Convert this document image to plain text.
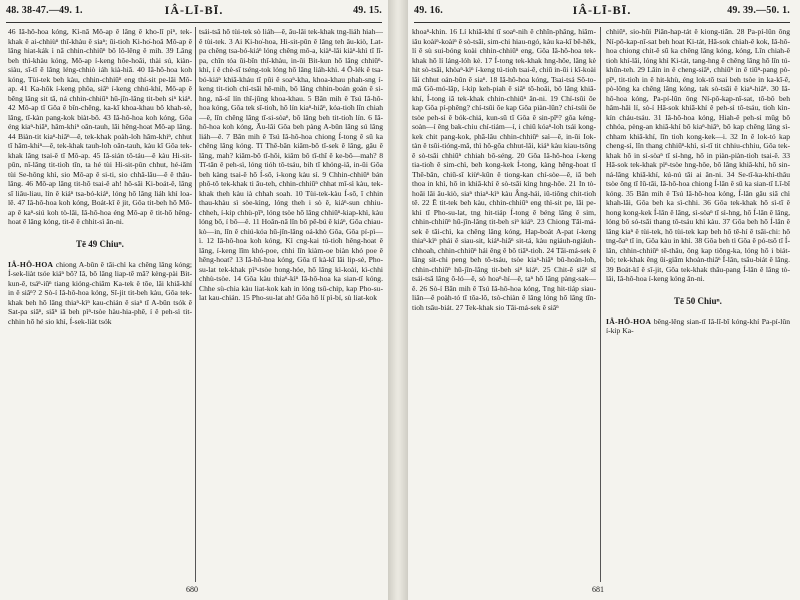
48. 38-47.—49. 1.	IÂ-LĪ-BĪ.	49. 15.

46 Iâ-hô-hoa kóng, Kì-nā Mô-ap ê lâng ê kho-lî pìⁿ, tek-khak ē ai-chhiùⁿ thî-khàu ê siaⁿ; ūi-tio̍h Ki-ho̍-hoâ Mô-ap ê lâng hiat-kák ì nā chhin-chhiūⁿ bô lô-lêng ê mih. 39 Lâng beh thì-khàu kóng, Mô-ap í-keng hôe-hoâi, thài sú, kiàn-siàu, sî-tī ē lâng léng-chhiò iáh kià-hiā. 40 Iâ-hô-hoa koh kóng, Tùi-tek beh kàu, chhin-chhiūⁿ eng thí-sit pe-lâi Mô-ap. 41 Ka-hôk í-keng phôa, siâⁿ í-keng chhú-khì, Mô-ap ê bêng lâng sit tā, ná chhin-chhiūⁿ hū-jîn-lâng tit-beh siⁿ kiáⁿ. 42 Mô-ap tī Gôa ê bîn-chêng, ka-kī khoa-khau bô khah-sè, lâng, tī-kàn pang-kok biàt-bô. 43 Iâ-hô-hoa koh kóng, Gôa éng kiaⁿ-hiâⁿ, hâm-khiⁿ oân-tauh, lâi hêng-hoat Mô-ap lâng. 44 Biàn-tit kiaⁿ-hiâⁿ—ê, tek-khak poàh-lo̍h hâm-khiⁿ, chhut tī hâm-khiⁿ—ê, tek-khak tauh-lo̍h oân-tauh, kàu kî Gôa tek-khak lâng tsai-ê tī Mô-ap. 45 Iâ-sián tô-táu—ê kàu Hi-sit-pûn, nî-lâng tit-tio̍h tîn, ta hé tùi Hi-sit-pûn chhut, hé-iām tùi Se-hông khì, sio Mô-ap ê si-ti, sio chhâ-lâu—ê ê thâu-lâng. 46 Mô-ap lâng tit-hō tsai-ê ah! hô-sâi Ki-boát-ê, lâng sī liâu-liau, lín ê kiáⁿ tsa-bó-kiáⁿ, lóng hō lâng liáh khì loa-lē. 47 Iâ-hô-hoa koh kóng, Boát-kî ê jit, Gôa tit-beh hō Mô-ap ê kaⁿ-siú koh tò-lâi, Iâ-hô-hoa éng Mô-ap ê tit-hō hêng-hoat ê lâng kóng, tit-ê ê chhit-sì ân-ni.

Tē 49 Chiuⁿ.

IÂ-HÔ-HOA chiong A-bûn ê tāi-chì ka chêng lâng kóng; Í-sek-liàt tsóe kiáⁿ bô? Iâ, bô lâng liap-tē mā? kèng-pài Bit-kun-ê, tsáⁿ-iūⁿ tiang kióng-chiâm Ka-tek ê tōe, lâi khiā-khí in ê siâⁿ? 2 Sò-í Iâ-hô-hoa kóng, Sî-jit tit-beh kàu, Gôa tek-khak beh hō lâng thiaⁿ-kìⁿ kau-chián ê siaⁿ tī A-bûn tsók ê Sat-pa siâⁿ, siâⁿ iā beh pìⁿ-tsòe hàu-hia-phê, í ê peh-sì tit-chhin hō hé sio khì, Í-sek-liàt tsók

tsái-tsā hō tùi-tek sò liáh—ê, âu-lâi tek-khak tng-liáh hiah—ê tùi-tek. 3 Ai Ki-ho̍-hoa, Hi-sit-pûn ê lâng teh âu-kiò, Lat-pa chêng tsa-bó-kiáⁿ lóng chêng mô-a, kiàⁿ-lâi kiàⁿ-khì tī lî-pa, chîn tóa ūi-bīn thî-khàu, in-ūi Bit-kun hō lâng chhiūⁿ-khì, í ê chè-sī tséng-tok lóng hō lâng liáh-khì. 4 Ō-lék ê tsa-bó-kiáⁿ khiā-kháu tī pûi ê soaⁿ-kha, khoa-khau phah-sng í-keng tit-tio̍h chì-tsāi hê-mih, bô lâng chhin-boán goán ê si-hng, nā-sī lín thî-jūng khoa-khau. 5 Bān mih ê Tsú Iâ-hô-hoa kóng, Gôa tek sī-tio̍h, hō lín kiaⁿ-hiâⁿ, kóa-tio̍h lîn chiah—ê, lîn chêng lâng tī-si-sòaⁿ, bô lâng beh tit-tio̍h lín. 6 Iâ-hô-hoa koh kóng, Āu-lâi Gôa beh pàng A-bûn lâng sú lâng liáh—ê. 7 Bān mih ê Tsú Iâ-hô-hoa chiong Í-tong ê sū ka chêng lâng kóng. Tî Thê-bân kiâm-bô tî-sek ê lâng, gâu ê lâng, mah? kiâm-bô tī-hōi, kiâm bô tī-thî ê ke-bô—mah? 8 Tī-tân ê peh-sì, lóng tióh tô-tsáu, bih tī khóng-iâ, in-ūi Gôa beh kàng tsai-ê hō Í-sō, í-kong kàu sì. 9 Chhin-chhiūⁿ bán phô-tô tek-khak ti āu-teh, chhin-chhiūⁿ chhat mî-sì kàu, tek-khak theh kàu ià chhah soah. 10 Tùi-tek-kàu Í-sō, ī chhin thau-khàu sì sòe-kìng, lóng theh i sò ê, kiáⁿ-sun chhiu-chheh, í-kip chhù-pīⁿ, lóng tsòe hō lâng chhiūⁿ-kiap-khì, kàu lóng bô, í bô—ê. 11 Hoân-nā lîn bô pē-bú ê kiáⁿ, Gôa chiau-kò—in, lîn ê chiú-kóa hū-jîn-lâng oá-khò Gôa, Gôa pí-pì—ì. 12 Iâ-hô-hoa koh kóng, Kì cng-kai tú-tio̍h hêng-hoat ê lâng, í-keng lîm khó-poe, chhi lîn kiàm-oe biàn khó poe ê hêng-hoat? 13 Iâ-hô-hoa kóng, Gôa tī kà-kī lâi lip-sè, Pho-su-lat tek-khak pìⁿ-tsòe hong-hóe, hō lâng kì-koài, kì-chhi chhù-tsòe. 14 Gôa kàu thiaⁿ-kìⁿ Iâ-hô-hoa ka sian-tī kóng. Chhe sù-chia kàu liat-kok kah in lóng tsû-chip, kap Pho-su-lat kau-chián. 15 Pho-su-lat ah! Gôa hō lí pì-bí, sù liat-kok

680
49. 16.	IÂ-LĪ-BĪ.	49. 39.—50. 1.

khoaⁿ-khin. 16 Lí khiā-khí tī soaⁿ-nih ê chhîn-phâng, hiâm-iâu koàiⁿ-koàiⁿ ê sò-tsāi, sim-chi hiau-ngó, kàu ka-kī bē-hēk, lí ē sù sui-bóng koài chhin-chhiūⁿ eng, Gôa Iâ-hô-hoa tek-khak hō lí láng-lóh kè. 17 Í-tong tek-khak hng-hôe, lâng kè hit sò-tsāi, khòaⁿ-kìⁿ í-keng tú-tio̍h tsai-ē, chiū in-ūi i kî-koài lâi chhut oán-bûn ê siaⁿ. 18 Iâ-hô-hoa kóng, Tsai-tsá Sô-to-mâ Gô-mó-lâp, í-kip keh-piah ê siâⁿ tō-hoâi, bô lâng khiā-khí, Í-tong iā tek-khak chhin-chhiūⁿ ân-ni. 19 Chí-tsûi ōe kap Gôa pí-phêng? chí-tsûi ōe kap Gôa piàn-lūn? chí-tsûi ōe tsòe peh-sì ê bók-chiá, kun-sū tī Gôa ê sin-pīⁿ? gôa kéng-soàn—í êng bak-chiu chí-tiám—í, i chiū kóaⁿ-lo̍h tsái kong-kek chit pang-kok, phā-lâu chhin-chhiūⁿ saì—ê, in-ūi Iok-tàn ê tsûi-tióng-mâ, thì hô-gōa chhut-lâi, kiáⁿ kàu kiau-tsông ê sò-tsāi chhiūⁿ chhiah bô-séng. 20 Gôa Iâ-hô-hoa í-keng tia-tio̍h ê sim-chì, beh kong-kek Í-tong, kàng hêng-hoat tī Thê-bân, chiū-sī kiùⁿ-kûn ê tiong-kan chí-sòe—ê, iā beh thoa in khì, hō in khiā-khí ê sò-tsāi kìng hng-hôe. 21 In tò-hoâi lâi âu-kiò, siaⁿ thiaⁿ-kìⁿ kàu Âng-hái, iû-tiông chit-tio̍h tē. 22 Ē tit-tek beh kàu, chhin-chhiūⁿ eng thì-sit pe, lâi pe-khì tī Pho-su-lat, tng hit-tiáp Í-tong ê béng lâng ê sim, chhin-chhiūⁿ hū-jîn-lâng tit-beh siⁿ kiáⁿ. 23 Chiong Tāi-má-sek ê tāi-chì, ka chêng lâng kóng, Hap-boát A-pat í-keng thiaⁿ-kìⁿ phái ê siau-sit, kiáⁿ-hiâⁿ sit-tá, kàu ngiáuh-ngiáuh-chhoah, chhin-chhiūⁿ hái êng ê bô tiāⁿ-tio̍h. 24 Tāi-má-sek ê lâng sit-chi peng beh tô-tsáu, tsòe kiaⁿ-hiâⁿ bû-hoán-lo̍h, chhin-chhiūⁿ hū-jîn-lâng tit-beh siⁿ kiáⁿ. 25 Chit-ê siâⁿ sī tsái-tsā lâng ō-ló—ê, sò hoaⁿ-hí—ê, taⁿ hō lâng pàng-sak—ê. 26 Sò-í Bān mih ê Tsú Iâ-hô-hoa kóng, Tng hit-tiáp siau-liân—ê poàh-tó tī tōa-lô, tsò-chiàn ê lâng lóng hō lâng tīn-tio̍h tsāu-biát. 27 Tek-khak sio Tāi-má-sek ê siâⁿ

chhiūⁿ, sio-hûi Piān-hap-tát ê kiong-tiān. 28 Pa-pí-lûn ông Ní-pô-kap-nî-sat beh hoat Ki-tát, Hā-sok chiah-ê kok, Iâ-hô-hoa chiong chit-ê sū ka chêng lâng kóng, kóng, Lîn chiah-ê tioh khí-lâi, lóng khì Ki-tát, tang-hng ê chêng lâng hō lîn tú-khûn-teh. 29 Lâin in ê cheng-siâⁿ, chhiūⁿ in ê tiūⁿ-pang pò-pīⁿ, tit-tio̍h in ê hit-khù, éng lok-tō tsai beh tsòe in ka-kī-ê, pò-lông ka chêng lâng kóng, tak sò-tsāi ê kiaⁿ-hiâⁿ. 30 Iâ-hô-hoa kóng, Pa-pí-lûn ông Ní-pô-kap-nî-sat, tō-bô beh hâm-hâi lí, sò-í Hā-sok khiā-khí ê peh-sì tô-tsáu, tio̍h kìn-kín cháu-tsáu. 31 Iâ-hô-hoa kóng, Hiah-ê peh-sì mûg bô chhóa, pèng-an khiā-khí bô kiaⁿ-hiâⁿ, bô kap chêng lâng sì-chham khiā-khí, lîn tio̍h kong-kek—i. 32 In ê lok-tó kap cheng-sì, lîn thang chhiūⁿ-khì, sì-tī tit chhiu-chhiu, Gôa tek-khak hō in sì-sòaⁿ tī sì-hng, hō in piàn-piàn-tio̍h tsai-ê. 33 Hā-sok tek-khak pìⁿ-tsòe hng-hôe, bô lâng khiā-khí, hō sin-ná-lâng khiā-khí, kú-nú tāi ai ân-ni. 34 Se-tī-ka-khí-thâu tsòe ông tī Iû-tāi, Iâ-hô-hoa chiong Í-lân ê sū ka sian-tī Lî-bî kóng. 35 Bān mih ê Tsú Iâ-hô-hoa kóng, Í-lân gâu siā chì khah-lâi, Gôa beh ka sì-chhi. 36 Gôa tek-khak hō sì-tī ê hong kong-kek Í-lân ê lâng, sì-sòaⁿ tī sì-hng, hō Í-lân ê lâng, lóng bô só-tsāi thang tô-tsáu khì kàu. 37 Gôa beh hō Í-lân ê lâng kiaⁿ ê tùi-tek, hō tùi-tek kap beh hō tē-hí ê tsāi-chi: hō tng-ōaⁿ tī in, Gôa kàu in khì. 38 Gôa beh tì Gôa ê pó-tsō tī Í-lân, chhin-chhiūⁿ tē-thâu, ông kap tiông-ka, lóng hō i biát-bô; tek-khak êng ūi-giâm khoàn-thiâⁿ Í-lân, tsâu-biát ê lâng. 39 Boát-kî ê sî-jit, Gôa tek-khak thâu-pang Í-lân ê lâng tò-lâi, Iâ-hô-hoa í-keng kóng ân-ni.

Tē 50 Chiuⁿ.

IÂ-HÔ-HOA bêng-lêng sian-tī Iâ-lī-bî kóng-khí Pa-pí-lûn í-kip Ka-

681
